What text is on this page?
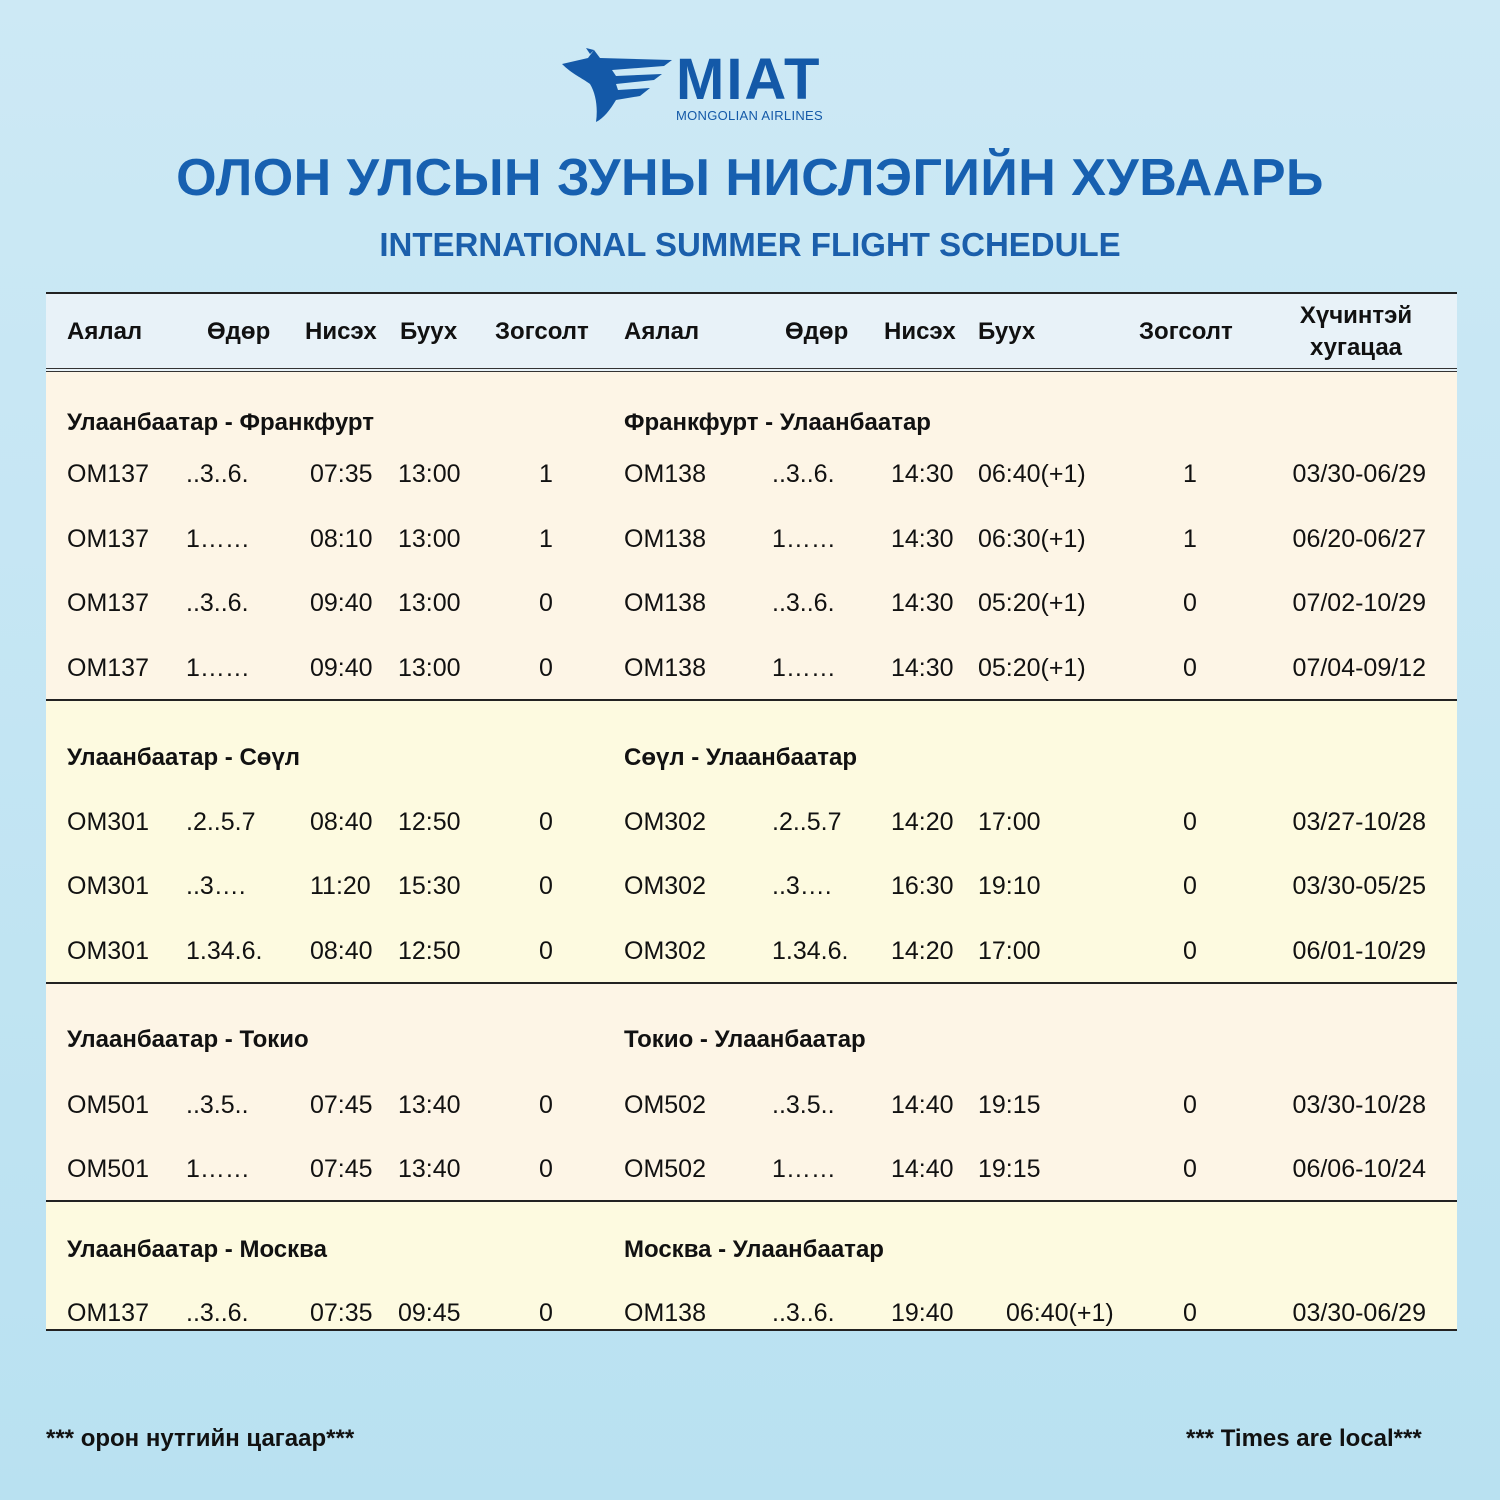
MIAT
MONGOLIAN AIRLINES
ОЛОН УЛСЫН ЗУНЫ НИСЛЭГИЙН ХУВААРЬ
INTERNATIONAL SUMMER FLIGHT SCHEDULE
Аялал	Өдөр Нисэх Буух Зогсолт Аялал	Өдөр Нисэх Буух	Зогсолт
Хүчинтэй
хугацаа
Улаанбаатар - Франкфурт	Франкфурт - Улаанбаатар
OM137 ..3..6. 07:35 13:00	1	OM138	..3..6. 14:30 06:40(+1)	1	03/30-06/29
OM137 1…… 08:10 13:00	1	OM138	1…… 14:30 06:30(+1)	1	06/20-06/27
OM137 ..3..6. 09:40 13:00	0	OM138	..3..6. 14:30 05:20(+1)	0	07/02-10/29
OM137 1…… 09:40 13:00	0	OM138	1…… 14:30 05:20(+1)	0	07/04-09/12
Улаанбаатар - Сөүл	Сөүл - Улаанбаатар
OM301 .2..5.7 08:40 12:50	0	OM302	.2..5.7 14:20 17:00	0	03/27-10/28
OM301 ..3….	11:20 15:30	0	OM302	..3…. 16:30 19:10	0	03/30-05/25
OM301 1.34.6. 08:40 12:50	0	OM302	1.34.6. 14:20 17:00	0	06/01-10/29
Улаанбаатар - Токио	Токио - Улаанбаатар
OM501 ..3.5.. 07:45 13:40	0	OM502	..3.5.. 14:40 19:15	0	03/30-10/28
OM501 1…… 07:45 13:40	0	OM502	1…… 14:40 19:15	0	06/06-10/24
Улаанбаатар - Москва	Москва - Улаанбаатар
OM137 ..3..6. 07:35 09:45	0	OM138	..3..6. 19:40 06:40(+1)	0	03/30-06/29
*** орон нутгийн цагаар***	*** Times are local***
